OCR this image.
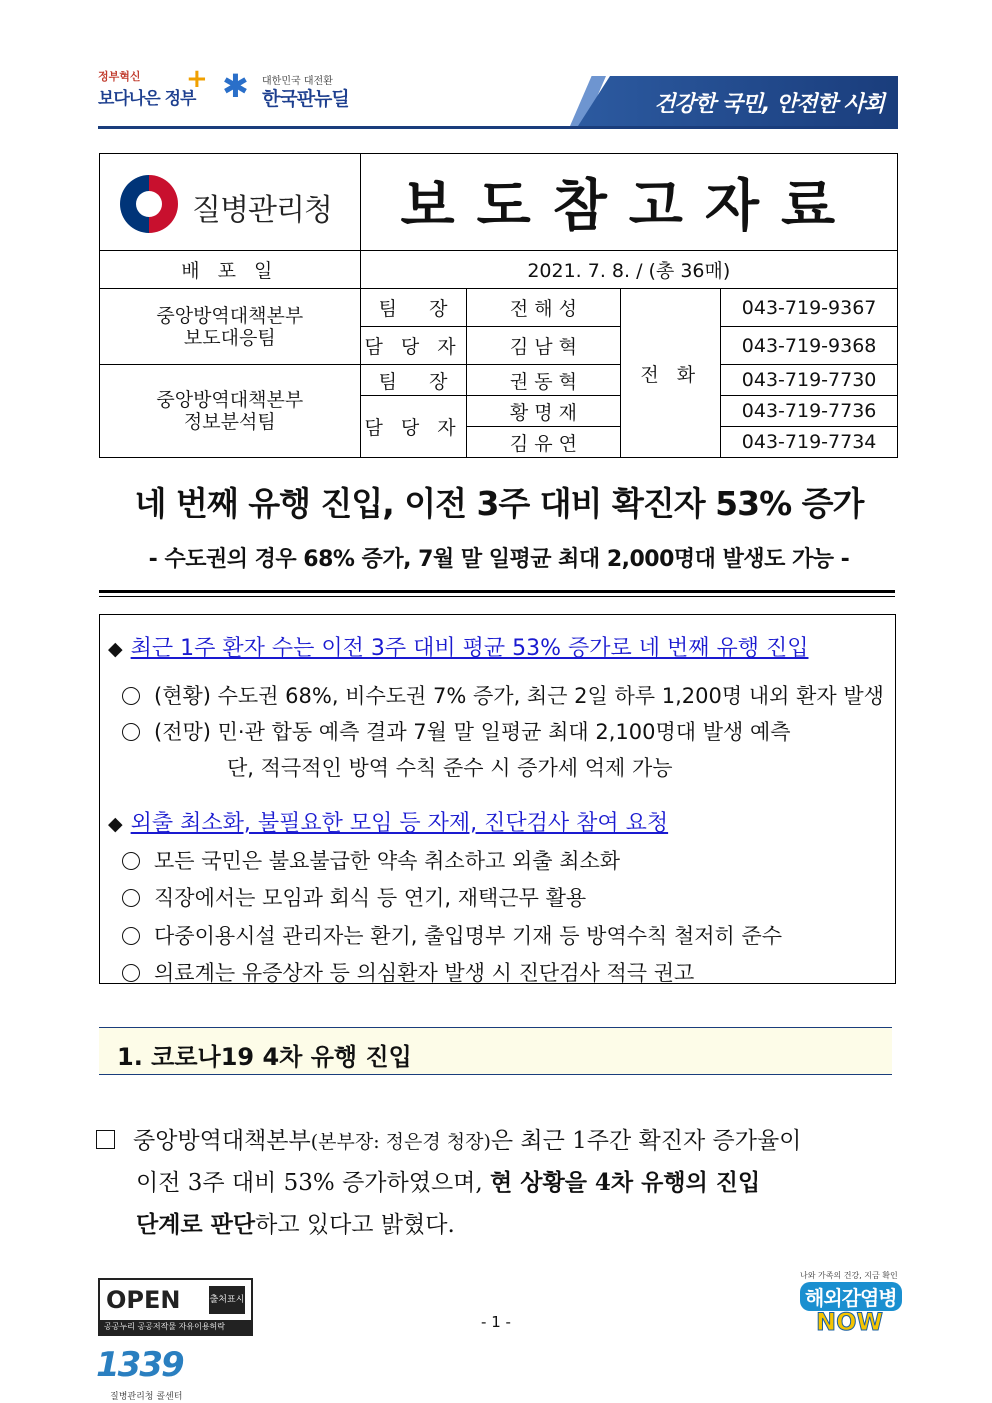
정부혁신
보다나은 정부
+ ✱ 대한민국 대전환
한국판뉴딜	건강한 국민, 안전한 사회
질병관리청	보도참고자료			
배 포 일	2021. 7. 8. / (총 36매)			

중앙방역대책본부
보도대응팀	팀 장	전 해 성	전 화	043-719-9367
	담 당 자	김 남 혁		043-719-9368

중앙방역대책본부
정보분석팀	팀 장	권 동 혁		043-719-7730
	담 당 자	황 명 재		043-719-7736
		김 유 연		043-719-7734
네 번째 유행 진입, 이전 3주 대비 확진자 53% 증가
- 수도권의 경우 68% 증가, 7월 말 일평균 최대 2,000명대 발생도 가능 -
◆ 최근 1주 환자 수는 이전 3주 대비 평균 53% 증가로 네 번째 유행 진입
(현황) 수도권 68%, 비수도권 7% 증가, 최근 2일 하루 1,200명 내외 환자 발생
(전망) 민·관 합동 예측 결과 7월 말 일평균 최대 2,100명대 발생 예측
단, 적극적인 방역 수칙 준수 시 증가세 억제 가능
◆ 외출 최소화, 불필요한 모임 등 자제, 진단검사 참여 요청
모든 국민은 불요불급한 약속 취소하고 외출 최소화
직장에서는 모임과 회식 등 연기, 재택근무 활용
다중이용시설 관리자는 환기, 출입명부 기재 등 방역수칙 철저히 준수
의료계는 유증상자 등 의심환자 발생 시 진단검사 적극 권고
1. 코로나19 4차 유행 진입
중앙방역대책본부(본부장: 정은경 청장)은 최근 1주간 확진자 증가율이
이전 3주 대비 53% 증가하였으며, 현 상황을 4차 유행의 진입
단계로 판단하고 있다고 밝혔다.
OPEN	출처표시
공공누리 공공저작물 자유이용허락	- 1 -
1339
질병관리청 콜센터
나와 가족의 건강, 지금 확인
해외감염병
NOW
